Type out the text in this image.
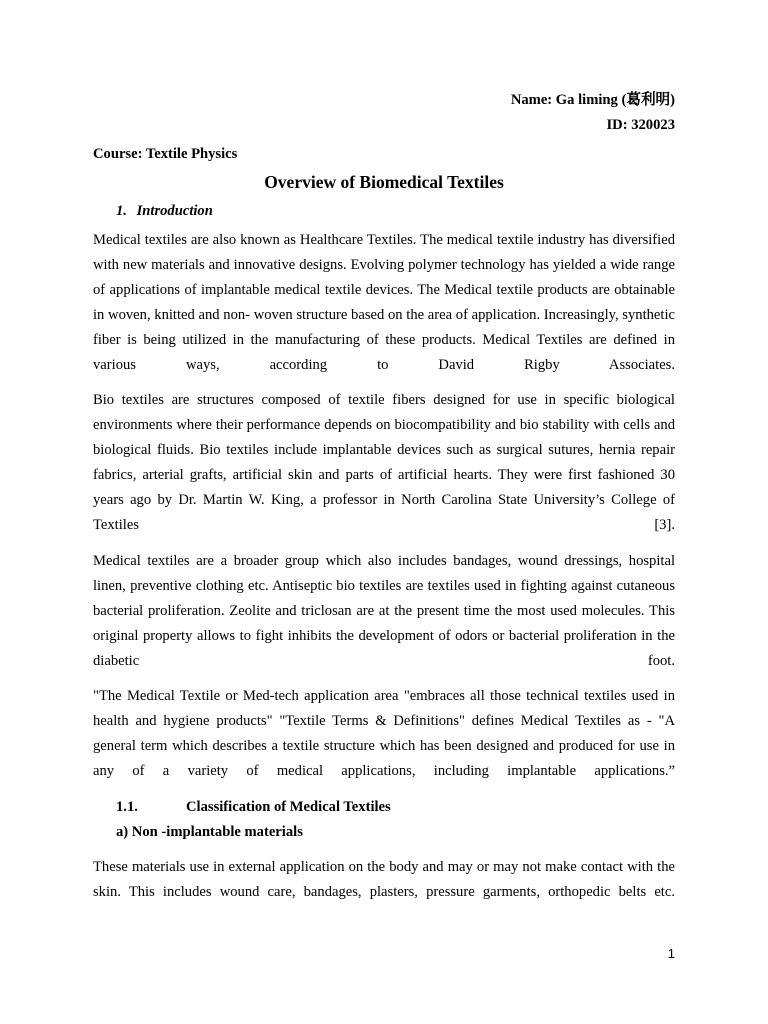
Name: Ga liming (葛利明)
ID: 320023
Course: Textile Physics
Overview of Biomedical Textiles
1. Introduction

Medical textiles are also known as Healthcare Textiles. The medical textile industry has diversified with new materials and innovative designs. Evolving polymer technology has yielded a wide range of applications of implantable medical textile devices. The Medical textile products are obtainable in woven, knitted and non- woven structure based on the area of application. Increasingly, synthetic fiber is being utilized in the manufacturing of these products. Medical Textiles are defined in various ways, according to David Rigby Associates.

Bio textiles are structures composed of textile fibers designed for use in specific biological environments where their performance depends on biocompatibility and bio stability with cells and biological fluids. Bio textiles include implantable devices such as surgical sutures, hernia repair fabrics, arterial grafts, artificial skin and parts of artificial hearts. They were first fashioned 30 years ago by Dr. Martin W. King, a professor in North Carolina State University’s College of Textiles [3].

Medical textiles are a broader group which also includes bandages, wound dressings, hospital linen, preventive clothing etc. Antiseptic bio textiles are textiles used in fighting against cutaneous bacterial proliferation. Zeolite and triclosan are at the present time the most used molecules. This original property allows to fight inhibits the development of odors or bacterial proliferation in the diabetic foot.

"The Medical Textile or Med-tech application area "embraces all those technical textiles used in health and hygiene products" "Textile Terms & Definitions" defines Medical Textiles as - "A general term which describes a textile structure which has been designed and produced for use in any of a variety of medical applications, including implantable applications.”

1.1.	Classification of Medical Textiles
a) Non -implantable materials

These materials use in external application on the body and may or may not make contact with the skin. This includes wound care, bandages, plasters, pressure garments, orthopedic belts etc.

1
